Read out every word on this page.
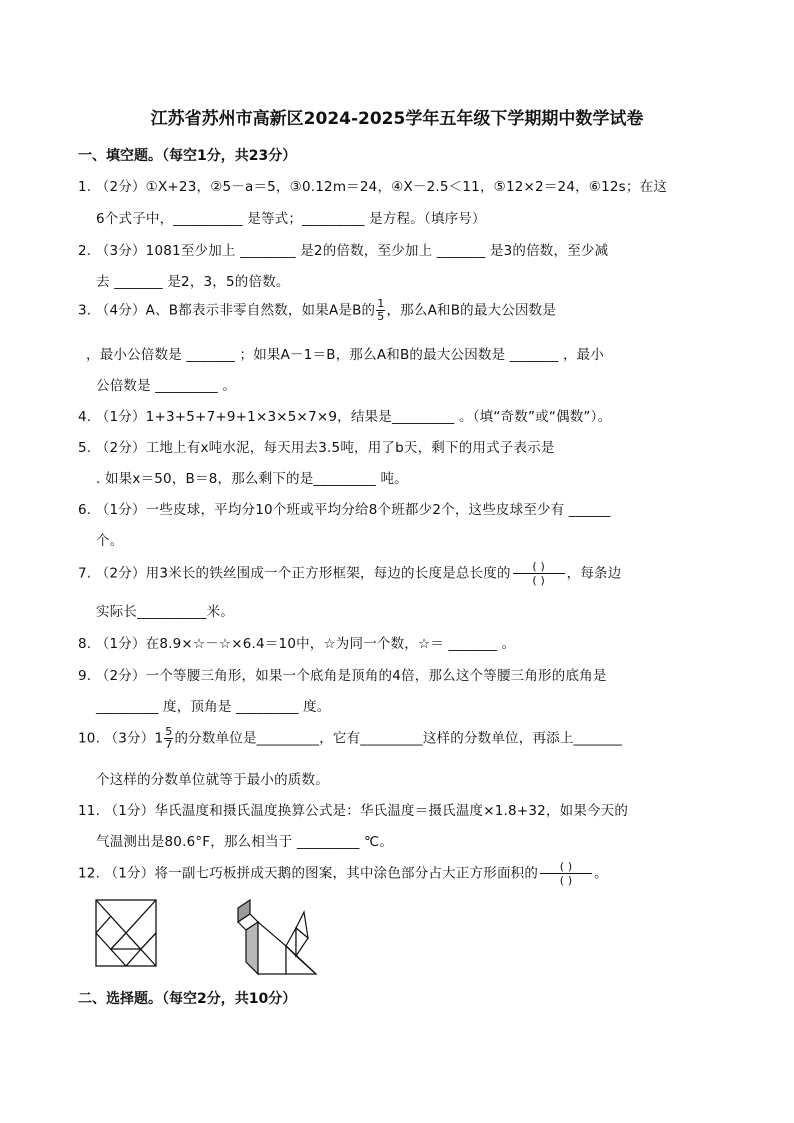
江苏省苏州市高新区2024-2025学年五年级下学期期中数学试卷
一、填空题。（每空1分，共23分）
1. （2分）①X+23，②5－a＝5，③0.12m＝24，④X－2.5＜11，⑤12×2＝24，⑥12s；在这
6个式子中，__________ 是等式；_________ 是方程。（填序号）
2. （3分）1081至少加上 ________ 是2的倍数，至少加上 _______ 是3的倍数，至少减
去 _______ 是2，3，5的倍数。
3. （4分）A、B都表示非零自然数，如果A是B的 $\frac{1}{5}$ ，那么A和B的最大公因数是
，最小公倍数是 _______ ；如果A－1＝B，那么A和B的最大公因数是 _______ ，最小
公倍数是 _________ 。
4. （1分）1+3+5+7+9+1×3×5×7×9，结果是_________ 。（填“奇数”或“偶数”）。
5. （2分）工地上有x吨水泥，每天用去3.5吨，用了b天，剩下的用式子表示是
. 如果x＝50，B＝8，那么剩下的是_________ 吨。
6. （1分）一些皮球，平均分10个班或平均分给8个班都少2个，这些皮球至少有 ______
个。
7. （2分）用3米长的铁丝围成一个正方形框架，每边的长度是总长度的	( )
( )	，每条边
实际长__________米。
8. （1分）在8.9×☆－☆×6.4＝10中，☆为同一个数，☆＝ _______ 。
9. （2分）一个等腰三角形，如果一个底角是顶角的4倍，那么这个等腰三角形的底角是
_________ 度，顶角是 _________ 度。
10. （3分）$1 \frac{5}{7}$ 的分数单位是_________，它有_________这样的分数单位，再添上_______
个这样的分数单位就等于最小的质数。
11. （1分）华氏温度和摄氏温度换算公式是：华氏温度＝摄氏温度×1.8+32，如果今天的
气温测出是80.6°F，那么相当于 _________ ℃。
12. （1分）将一副七巧板拼成天鹅的图案，其中涂色部分占大正方形面积的	( )
( )	。
二、选择题。（每空2分，共10分）
